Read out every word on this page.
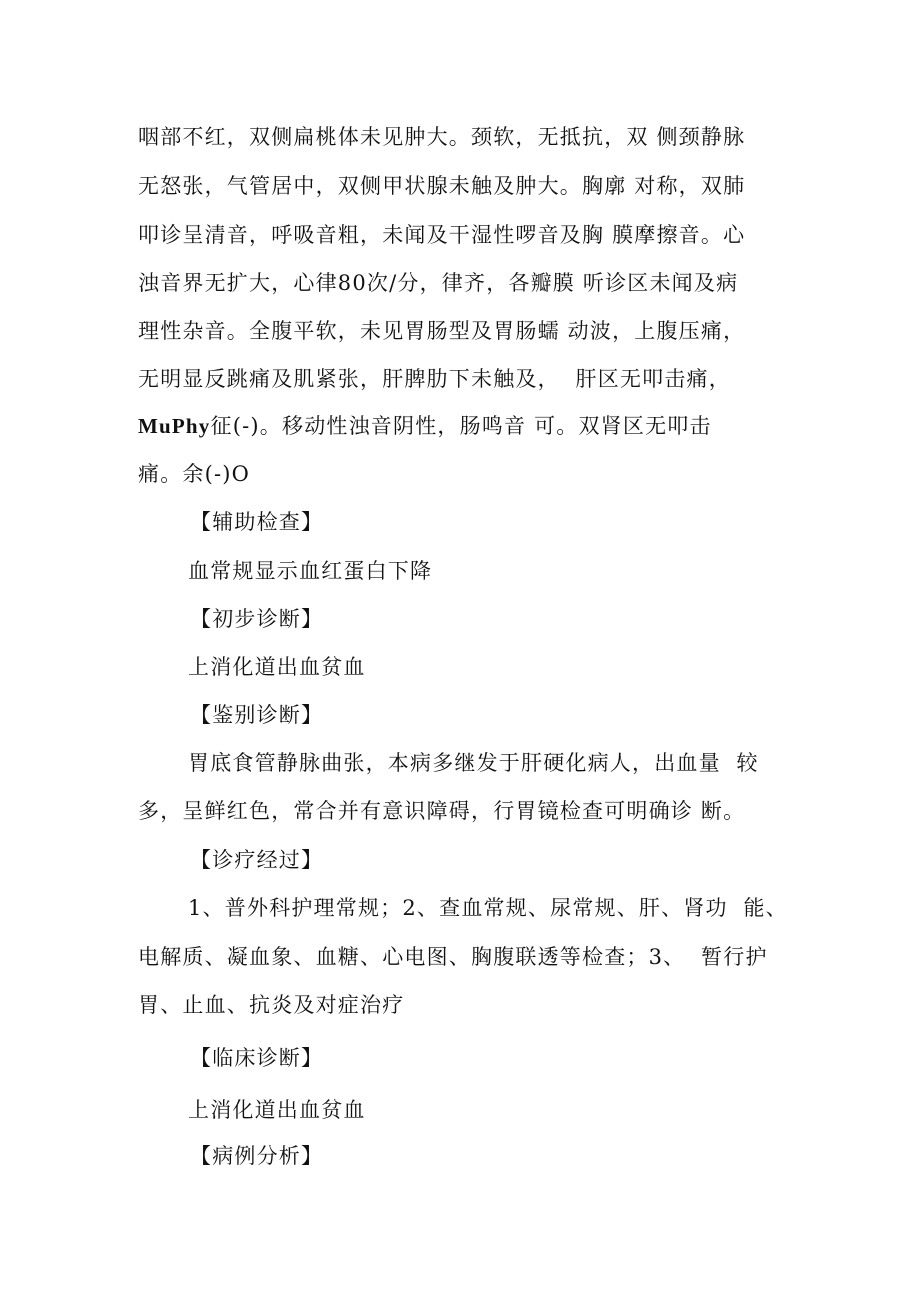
咽部不红，双侧扁桃体未见肿大。颈软，无抵抗，双 侧颈静脉
无怒张，气管居中，双侧甲状腺未触及肿大。胸廓 对称，双肺
叩诊呈清音，呼吸音粗，未闻及干湿性啰音及胸 膜摩擦音。心
浊音界无扩大，心律80次/分，律齐，各瓣膜 听诊区未闻及病
理性杂音。全腹平软，未见胃肠型及胃肠蠕 动波，上腹压痛，
无明显反跳痛及肌紧张，肝脾肋下未触及，  肝区无叩击痛，
MuPhy征(-)。移动性浊音阴性，肠鸣音 可。双肾区无叩击
痛。余(-)O
【辅助检查】
血常规显示血红蛋白下降
【初步诊断】
上消化道出血贫血
【鉴别诊断】
胃底食管静脉曲张，本病多继发于肝硬化病人，出血量  较
多，呈鲜红色，常合并有意识障碍，行胃镜检查可明确诊 断。
【诊疗经过】
1、普外科护理常规；2、查血常规、尿常规、肝、肾功  能、
电解质、凝血象、血糖、心电图、胸腹联透等检查；3、  暂行护
胃、止血、抗炎及对症治疗
【临床诊断】
上消化道出血贫血
【病例分析】
